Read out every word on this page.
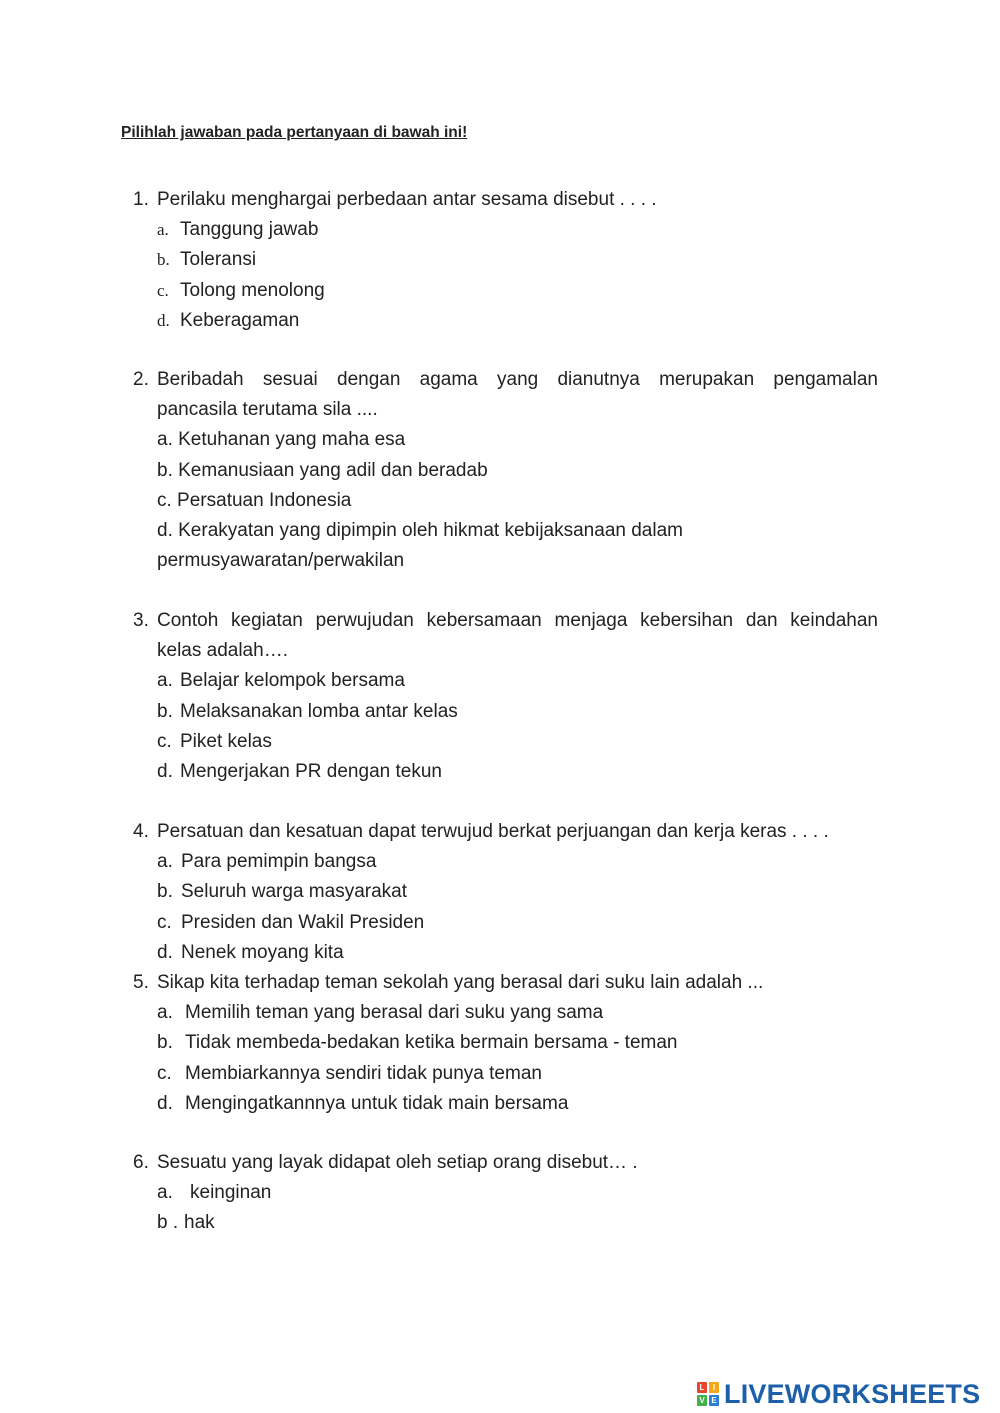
Pilihlah jawaban pada pertanyaan di bawah ini!

1. Perilaku menghargai perbedaan antar sesama disebut . . . .
a. Tanggung jawab
b. Toleransi
c. Tolong menolong
d. Keberagaman
2. Beribadah sesuai dengan agama yang dianutnya merupakan pengamalan
pancasila terutama sila ....
a. Ketuhanan yang maha esa
b. Kemanusiaan yang adil dan beradab
c. Persatuan Indonesia
d. Kerakyatan yang dipimpin oleh hikmat kebijaksanaan dalam
permusyawaratan/perwakilan
3. Contoh kegiatan perwujudan kebersamaan menjaga kebersihan dan keindahan
kelas adalah….
a. Belajar kelompok bersama
b. Melaksanakan lomba antar kelas
c. Piket kelas
d. Mengerjakan PR dengan tekun
4. Persatuan dan kesatuan dapat terwujud berkat perjuangan dan kerja keras . . . .
a. Para pemimpin bangsa
b. Seluruh warga masyarakat
c. Presiden dan Wakil Presiden
d. Nenek moyang kita
5. Sikap kita terhadap teman sekolah yang berasal dari suku lain adalah ...
a. Memilih teman yang berasal dari suku yang sama
b. Tidak membeda-bedakan ketika bermain bersama - teman
c. Membiarkannya sendiri tidak punya teman
d. Mengingatkannnya untuk tidak main bersama
6. Sesuatu yang layak didapat oleh setiap orang disebut… .
a. keinginan
b . hak
L	I
V E LIVEWORKSHEETS
